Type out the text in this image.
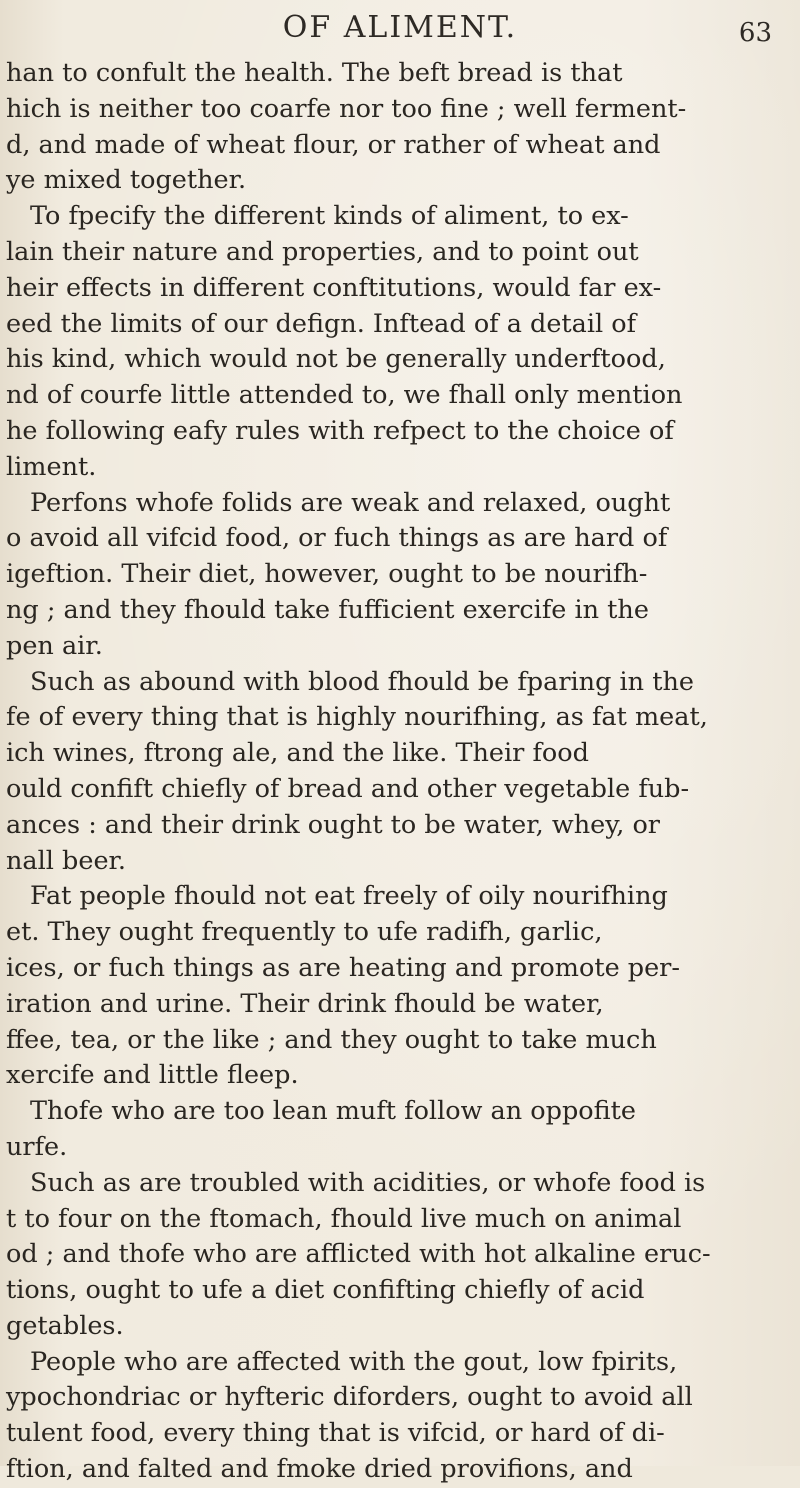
OF ALIMENT.	63
han to confult the health. The beft bread is that
hich is neither too coarfe nor too fine ; well ferment-
d, and made of wheat flour, or rather of wheat and
ye mixed together.
To fpecify the different kinds of aliment, to ex-
lain their nature and properties, and to point out
heir effects in different conftitutions, would far ex-
eed the limits of our defign. Inftead of a detail of
his kind, which would not be generally underftood,
nd of courfe little attended to, we fhall only mention
he following eafy rules with refpect to the choice of
liment.
Perfons whofe folids are weak and relaxed, ought
o avoid all vifcid food, or fuch things as are hard of
igeftion. Their diet, however, ought to be nourifh-
ng ; and they fhould take fufficient exercife in the
pen air.
Such as abound with blood fhould be fparing in the
fe of every thing that is highly nourifhing, as fat meat,
ich wines, ftrong ale, and the like. Their food
ould confift chiefly of bread and other vegetable fub-
ances : and their drink ought to be water, whey, or
nall beer.
Fat people fhould not eat freely of oily nourifhing
et. They ought frequently to ufe radifh, garlic,
ices, or fuch things as are heating and promote per-
iration and urine. Their drink fhould be water,
ffee, tea, or the like ; and they ought to take much
xercife and little fleep.
Thofe who are too lean muft follow an oppofite
urfe.
Such as are troubled with acidities, or whofe food is
t to four on the ftomach, fhould live much on animal
od ; and thofe who are afflicted with hot alkaline eruc-
tions, ought to ufe a diet confifting chiefly of acid
getables.
People who are affected with the gout, low fpirits,
ypochondriac or hyfteric diforders, ought to avoid all
tulent food, every thing that is vifcid, or hard of di-
ftion, and falted and fmoke dried provifions, and
